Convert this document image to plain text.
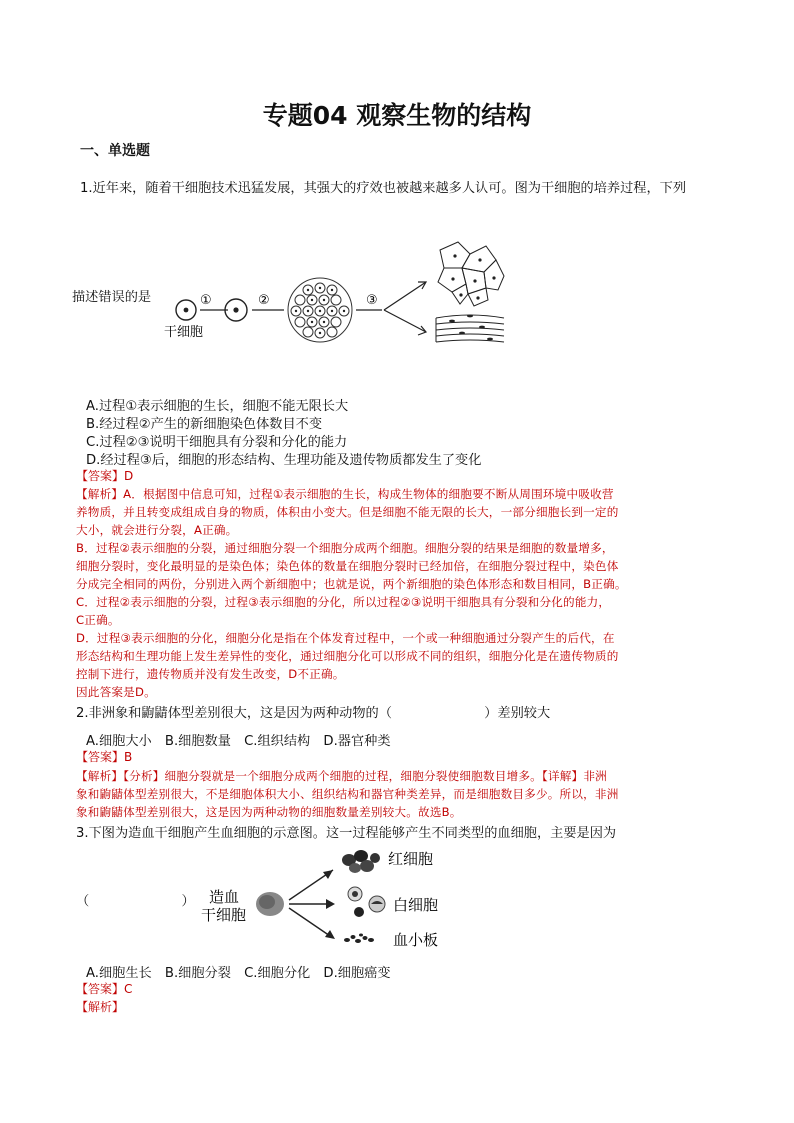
专题04 观察生物的结构
一、单选题
1.近年来，随着干细胞技术迅猛发展，其强大的疗效也被越来越多人认可。图为干细胞的培养过程，下列
描述错误的是	①	②	③
干细胞
A.过程①表示细胞的生长，细胞不能无限长大
B.经过程②产生的新细胞染色体数目不变
C.过程②③说明干细胞具有分裂和分化的能力
D.经过程③后，细胞的形态结构、生理功能及遗传物质都发生了变化
【答案】D
【解析】A．根据图中信息可知，过程①表示细胞的生长，构成生物体的细胞要不断从周围环境中吸收营
养物质，并且转变成组成自身的物质，体积由小变大。但是细胞不能无限的长大，一部分细胞长到一定的
大小，就会进行分裂，A正确。
B．过程②表示细胞的分裂，通过细胞分裂一个细胞分成两个细胞。细胞分裂的结果是细胞的数量增多，
细胞分裂时，变化最明显的是染色体；染色体的数量在细胞分裂时已经加倍，在细胞分裂过程中，染色体
分成完全相同的两份，分别进入两个新细胞中；也就是说，两个新细胞的染色体形态和数目相同，B正确。
C．过程②表示细胞的分裂，过程③表示细胞的分化，所以过程②③说明干细胞具有分裂和分化的能力，
C正确。
D．过程③表示细胞的分化，细胞分化是指在个体发育过程中，一个或一种细胞通过分裂产生的后代，在
形态结构和生理功能上发生差异性的变化，通过细胞分化可以形成不同的组织，细胞分化是在遗传物质的
控制下进行，遗传物质并没有发生改变，D不正确。
因此答案是D。
2.非洲象和鼩鼱体型差别很大，这是因为两种动物的（　　　　　　　）差别较大
A.细胞大小　B.细胞数量　C.组织结构　D.器官种类
【答案】B
【解析】【分析】细胞分裂就是一个细胞分成两个细胞的过程，细胞分裂使细胞数目增多。【详解】非洲
象和鼩鼱体型差别很大，不是细胞体积大小、组织结构和器官种类差异，而是细胞数目多少。所以，非洲
象和鼩鼱体型差别很大，这是因为两种动物的细胞数量差别较大。故选B。
3.下图为造血干细胞产生血细胞的示意图。这一过程能够产生不同类型的血细胞，主要是因为
（　　　　　　　） 造血
干细胞
红细胞
白细胞
血小板
A.细胞生长　B.细胞分裂　C.细胞分化　D.细胞癌变
【答案】C
【解析】
